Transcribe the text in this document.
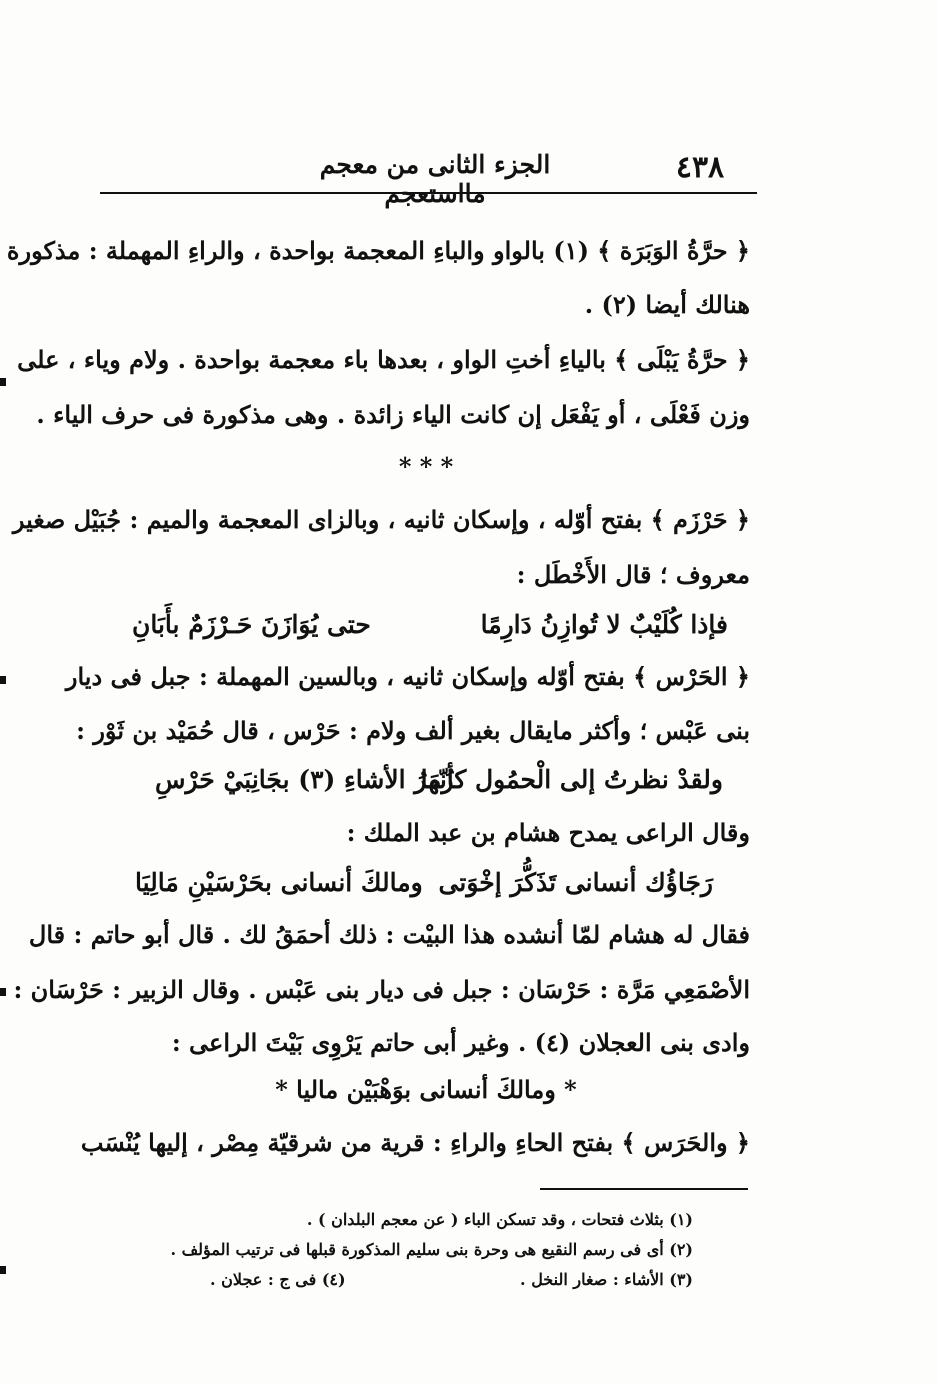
٤٣٨
الجزء الثانى من معجم مااستعجم
﴿ حرَّةُ الوَبَرَة ﴾ (١) بالواو والباءِ المعجمة بواحدة ، والراءِ المهملة : مذكورة
هنالك أيضا (٢) .
﴿ حرَّةُ يَبْلَى ﴾ بالياءِ أختِ الواو ، بعدها باء معجمة بواحدة . ولام وياء ، على
وزن فَعْلَى ، أو يَفْعَل إن كانت الياء زائدة . وهى مذكورة فى حرف الياء .
* * *
﴿ حَرْزَم ﴾ بفتح أوّله ، وإسكان ثانيه ، وبالزاى المعجمة والميم : جُبَيْل صغير
معروف ؛ قال الأَخْطَل :
فإذا كُلَيْبٌ لا تُوازِنُ دَارِمًا
حتى يُوَازَنَ حَـرْزَمٌ بأَبَانِ
﴿ الحَرْس ﴾ بفتح أوّله وإسكان ثانيه ، وبالسين المهملة : جبل فى ديار
بنى عَبْس ؛ وأكثر مايقال بغير ألف ولام : حَرْس ، قال حُمَيْد بن ثَوْر :
ولقدْ نظرتُ إلى الْحمُول كأنّها
زُمَرُ الأشاءِ (٣) بجَانِبَيْ حَرْسِ
وقال الراعى يمدح هشام بن عبد الملك :
رَجَاؤُك أنسانى تَذَكُّرَ إخْوَتى
ومالكَ أنسانى بحَرْسَيْنِ مَالِيَا
فقال له هشام لمّا أنشده هذا البيْت : ذلك أحمَقُ لك . قال أبو حاتم : قال
الأصْمَعِي مَرَّة : حَرْسَان : جبل فى ديار بنى عَبْس . وقال الزبير : حَرْسَان :
وادى بنى العجلان (٤) . وغير أبى حاتم يَرْوِى بَيْتَ الراعى :
* ومالكَ أنسانى بوَهْبَيْن ماليا *
﴿ والحَرَس ﴾ بفتح الحاءِ والراءِ : قرية من شرقيّة مِصْر ، إليها يُنْسَب
(١) بثلاث فتحات ، وقد تسكن الباء ( عن معجم البلدان ) .
(٢) أى فى رسم النقيع هى وحرة بنى سليم المذكورة قبلها فى ترتيب المؤلف .
(٣) الأشاء : صغار النخل .
(٤) فى ج : عجلان .
